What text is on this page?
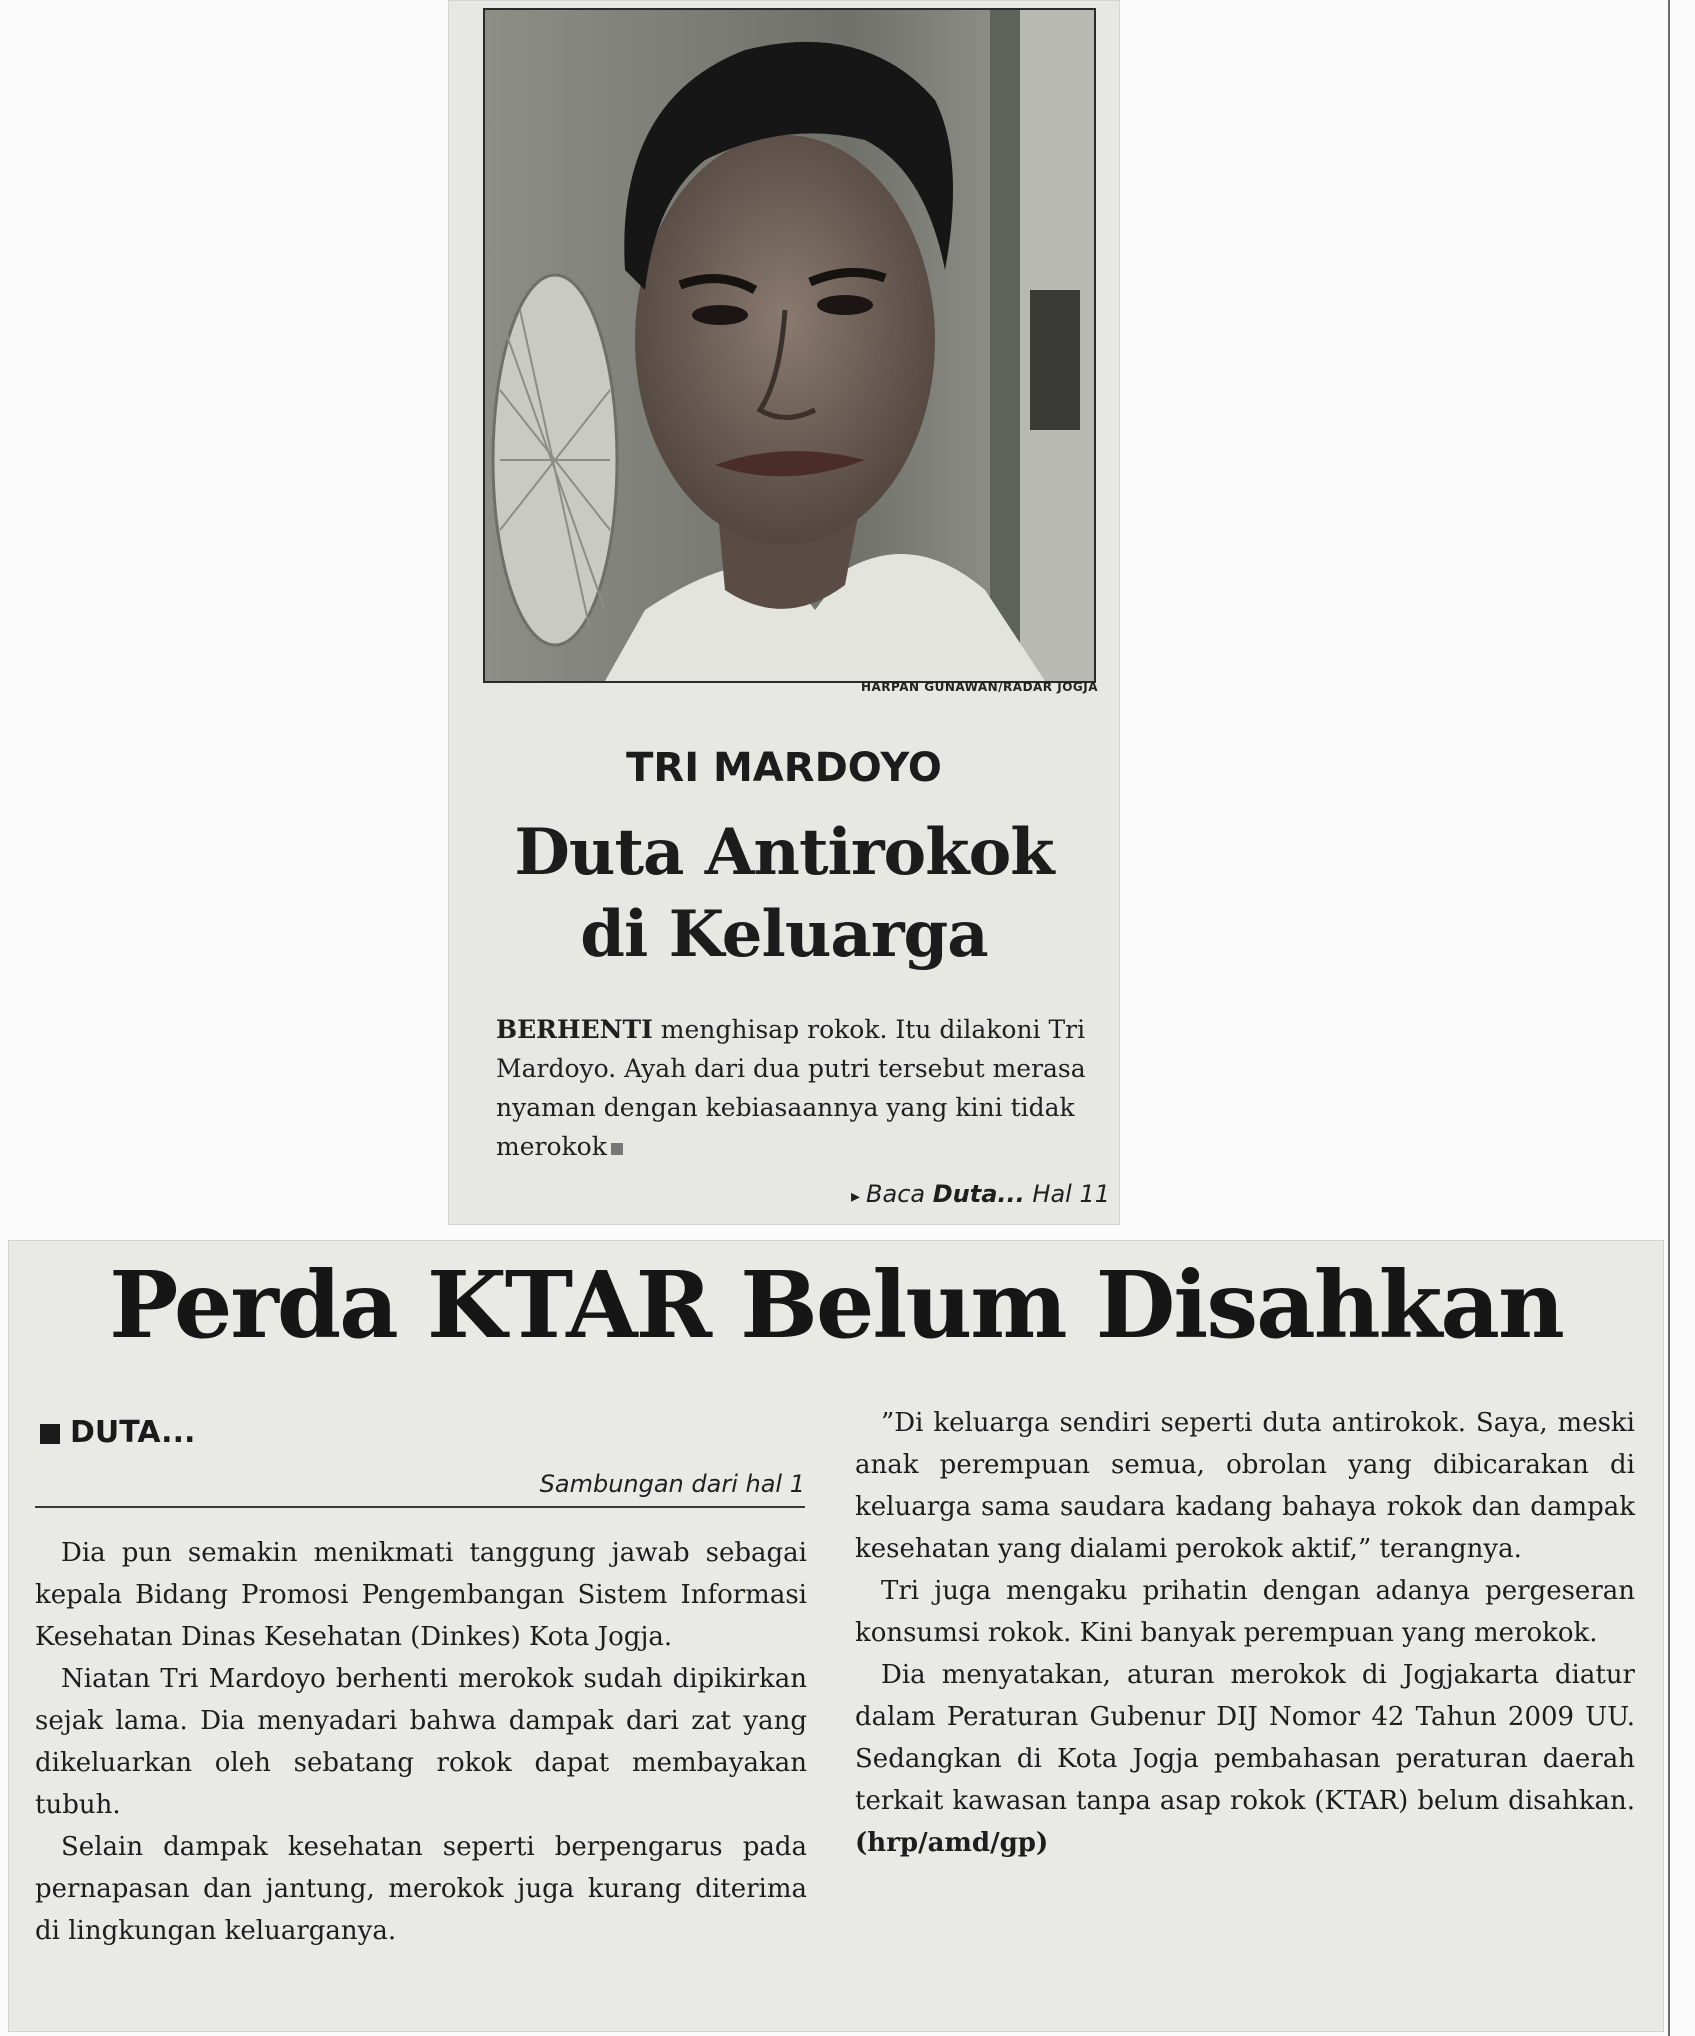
HARPAN GUNAWAN/RADAR JOGJA
TRI MARDOYO
Duta Antirokok
di Keluarga
BERHENTI menghisap rokok. Itu dilakoni Tri Mardoyo. Ayah dari dua putri tersebut merasa nyaman dengan kebiasaannya yang kini tidak merokok
▸ Baca Duta... Hal 11
Perda KTAR Belum Disahkan
DUTA...
Sambungan dari hal 1

Dia pun semakin menikmati tanggung jawab sebagai kepala Bidang Promosi Pengembangan Sistem Informasi Kesehatan Dinas Kesehatan (Dinkes) Kota Jogja.

Niatan Tri Mardoyo berhenti merokok sudah dipikirkan sejak lama. Dia menyadari bahwa dampak dari zat yang dikeluarkan oleh sebatang rokok dapat membayakan tubuh.

Selain dampak kesehatan seperti berpengarus pada pernapasan dan jantung, merokok juga kurang diterima di lingkungan keluarganya.

”Di keluarga sendiri seperti duta antirokok. Saya, meski anak perempuan semua, obrolan yang dibicarakan di keluarga sama saudara kadang bahaya rokok dan dampak kesehatan yang dialami perokok aktif,” terangnya.

Tri juga mengaku prihatin dengan adanya pergeseran konsumsi rokok. Kini banyak perempuan yang merokok.

Dia menyatakan, aturan merokok di Jogjakarta diatur dalam Peraturan Gubenur DIJ Nomor 42 Tahun 2009 UU. Sedangkan di Kota Jogja pembahasan peraturan daerah terkait kawasan tanpa asap rokok (KTAR) belum disahkan. (hrp/amd/gp)
